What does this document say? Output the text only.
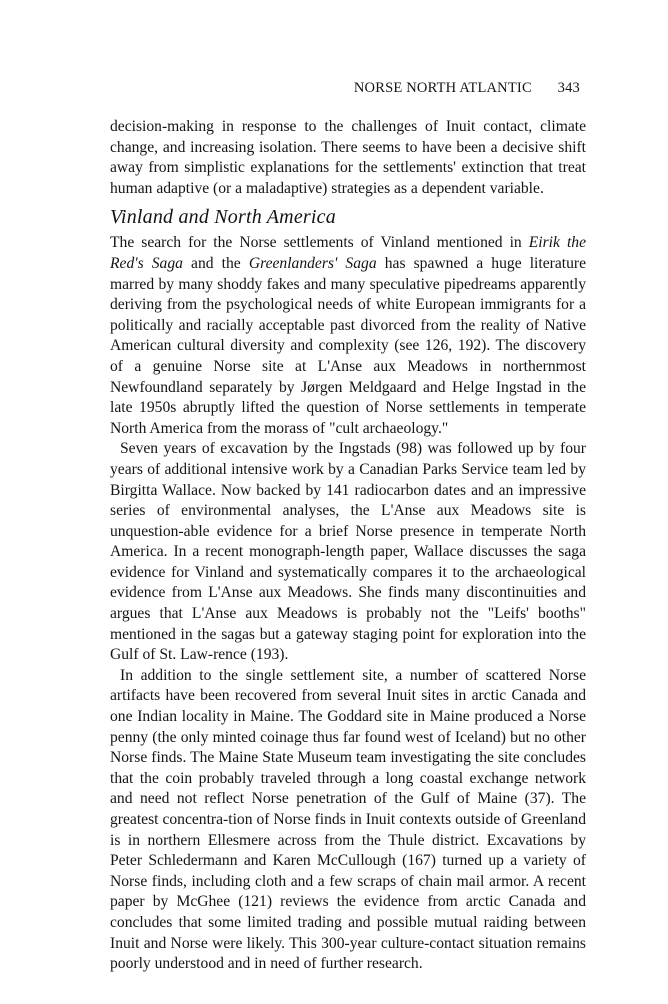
NORSE NORTH ATLANTIC 343

decision-making in response to the challenges of Inuit contact, climate change, and increasing isolation. There seems to have been a decisive shift away from simplistic explanations for the settlements' extinction that treat human adaptive (or a maladaptive) strategies as a dependent variable.

Vinland and North America

The search for the Norse settlements of Vinland mentioned in Eirik the Red's Saga and the Greenlanders' Saga has spawned a huge literature marred by many shoddy fakes and many speculative pipedreams apparently deriving from the psychological needs of white European immigrants for a politically and racially acceptable past divorced from the reality of Native American cultural diversity and complexity (see 126, 192). The discovery of a genuine Norse site at L'Anse aux Meadows in northernmost Newfoundland separately by Jørgen Meldgaard and Helge Ingstad in the late 1950s abruptly lifted the question of Norse settlements in temperate North America from the morass of "cult archaeology."

Seven years of excavation by the Ingstads (98) was followed up by four years of additional intensive work by a Canadian Parks Service team led by Birgitta Wallace. Now backed by 141 radiocarbon dates and an impressive series of environmental analyses, the L'Anse aux Meadows site is unquestion-able evidence for a brief Norse presence in temperate North America. In a recent monograph-length paper, Wallace discusses the saga evidence for Vinland and systematically compares it to the archaeological evidence from L'Anse aux Meadows. She finds many discontinuities and argues that L'Anse aux Meadows is probably not the "Leifs' booths" mentioned in the sagas but a gateway staging point for exploration into the Gulf of St. Law-rence (193).

In addition to the single settlement site, a number of scattered Norse artifacts have been recovered from several Inuit sites in arctic Canada and one Indian locality in Maine. The Goddard site in Maine produced a Norse penny (the only minted coinage thus far found west of Iceland) but no other Norse finds. The Maine State Museum team investigating the site concludes that the coin probably traveled through a long coastal exchange network and need not reflect Norse penetration of the Gulf of Maine (37). The greatest concentra-tion of Norse finds in Inuit contexts outside of Greenland is in northern Ellesmere across from the Thule district. Excavations by Peter Schledermann and Karen McCullough (167) turned up a variety of Norse finds, including cloth and a few scraps of chain mail armor. A recent paper by McGhee (121) reviews the evidence from arctic Canada and concludes that some limited trading and possible mutual raiding between Inuit and Norse were likely. This 300-year culture-contact situation remains poorly understood and in need of further research.
